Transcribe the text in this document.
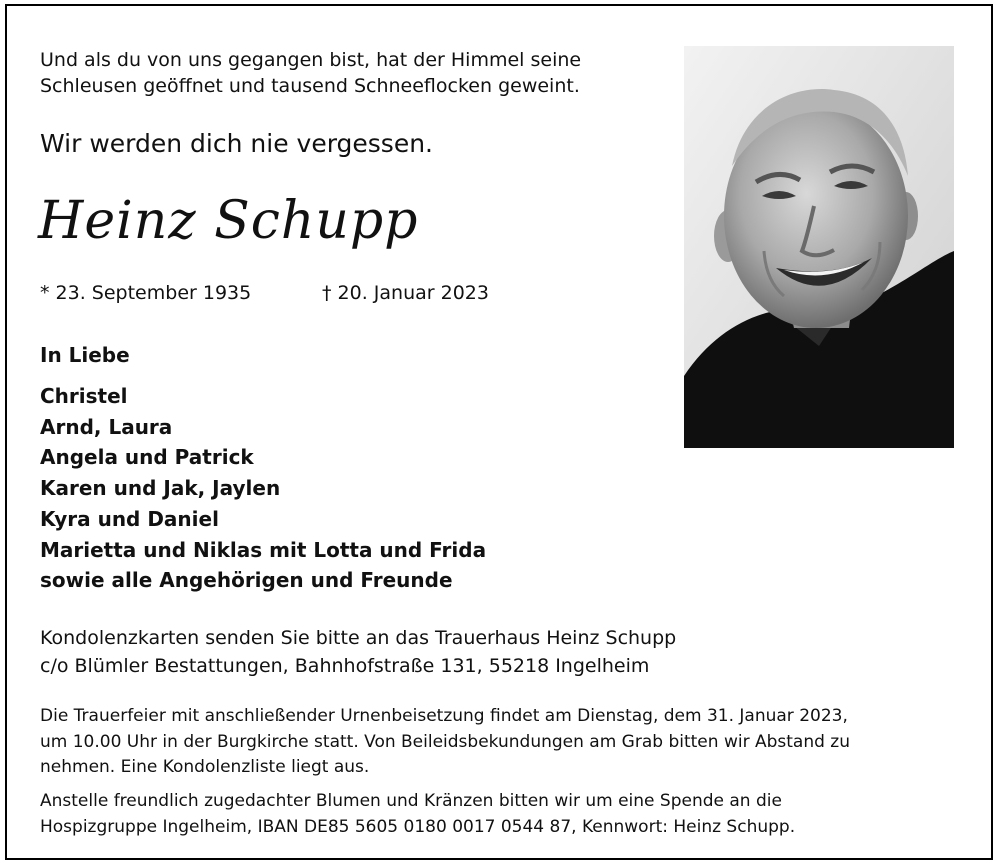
Und als du von uns gegangen bist, hat der Himmel seine
Schleusen geöffnet und tausend Schneeflocken geweint.
Wir werden dich nie vergessen.
Heinz Schupp
* 23. September 1935	† 20. Januar 2023
In Liebe
Christel
Arnd, Laura
Angela und Patrick
Karen und Jak, Jaylen
Kyra und Daniel
Marietta und Niklas mit Lotta und Frida
sowie alle Angehörigen und Freunde
Kondolenzkarten senden Sie bitte an das Trauerhaus Heinz Schupp
c/o Blümler Bestattungen, Bahnhofstraße 131, 55218 Ingelheim
Die Trauerfeier mit anschließender Urnenbeisetzung findet am Dienstag, dem 31. Januar 2023,
um 10.00 Uhr in der Burgkirche statt. Von Beileidsbekundungen am Grab bitten wir Abstand zu
nehmen. Eine Kondolenzliste liegt aus.
Anstelle freundlich zugedachter Blumen und Kränzen bitten wir um eine Spende an die
Hospizgruppe Ingelheim, IBAN DE85 5605 0180 0017 0544 87, Kennwort: Heinz Schupp.
